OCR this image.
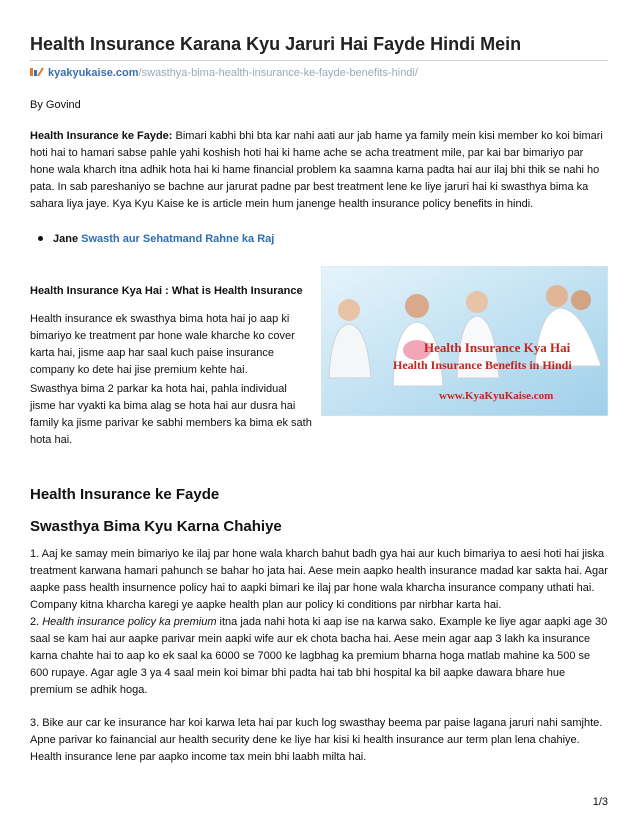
Health Insurance Karana Kyu Jaruri Hai Fayde Hindi Mein
kyakyukaise.com/swasthya-bima-health-insurance-ke-fayde-benefits-hindi/
By Govind

Health Insurance ke Fayde: Bimari kabhi bhi bta kar nahi aati aur jab hame ya family mein kisi member ko koi bimari hoti hai to hamari sabse pahle yahi koshish hoti hai ki hame ache se acha treatment mile, par kai bar bimariyo par hone wala kharch itna adhik hota hai ki hame financial problem ka saamna karna padta hai aur ilaj bhi thik se nahi ho pata. In sab pareshaniyo se bachne aur jarurat padne par best treatment lene ke liye jaruri hai ki swasthya bima ka sahara liya jaye. Kya Kyu Kaise ke is article mein hum janenge health insurance policy benefits in hindi.

Jane Swasth aur Sehatmand Rahne ka Raj
Health Insurance Kya Hai : What is Health Insurance

Health insurance ek swasthya bima hota hai jo aap ki bimariyo ke treatment par hone wale kharche ko cover karta hai, jisme aap har saal kuch paise insurance company ko dete hai jise premium kehte hai.

Swasthya bima 2 parkar ka hota hai, pahla individual jisme har vyakti ka bima alag se hota hai aur dusra hai family ka jisme parivar ke sabhi members ka bima ek sath hota hai.

Health Insurance Kya Hai
Health Insurance Benefits in Hindi
www.KyaKyuKaise.com
Health Insurance ke Fayde
Swasthya Bima Kyu Karna Chahiye

1. Aaj ke samay mein bimariyo ke ilaj par hone wala kharch bahut badh gya hai aur kuch bimariya to aesi hoti hai jiska treatment karwana hamari pahunch se bahar ho jata hai. Aese mein aapko health insurance madad kar sakta hai. Agar aapke pass health insurnence policy hai to aapki bimari ke ilaj par hone wala kharcha insurance company uthati hai. Company kitna kharcha karegi ye aapke health plan aur policy ki conditions par nirbhar karta hai.

2. Health insurance policy ka premium itna jada nahi hota ki aap ise na karwa sako. Example ke liye agar aapki age 30 saal se kam hai aur aapke parivar mein aapki wife aur ek chota bacha hai. Aese mein agar aap 3 lakh ka insurance karna chahte hai to aap ko ek saal ka 6000 se 7000 ke lagbhag ka premium bharna hoga matlab mahine ka 500 se 600 rupaye. Agar agle 3 ya 4 saal mein koi bimar bhi padta hai tab bhi hospital ka bil aapke dawara bhare hue premium se adhik hoga.

3. Bike aur car ke insurance har koi karwa leta hai par kuch log swasthay beema par paise lagana jaruri nahi samjhte. Apne parivar ko fainancial aur health security dene ke liye har kisi ki health insurance aur term plan lena chahiye. Health insurance lene par aapko income tax mein bhi laabh milta hai.

1/3
